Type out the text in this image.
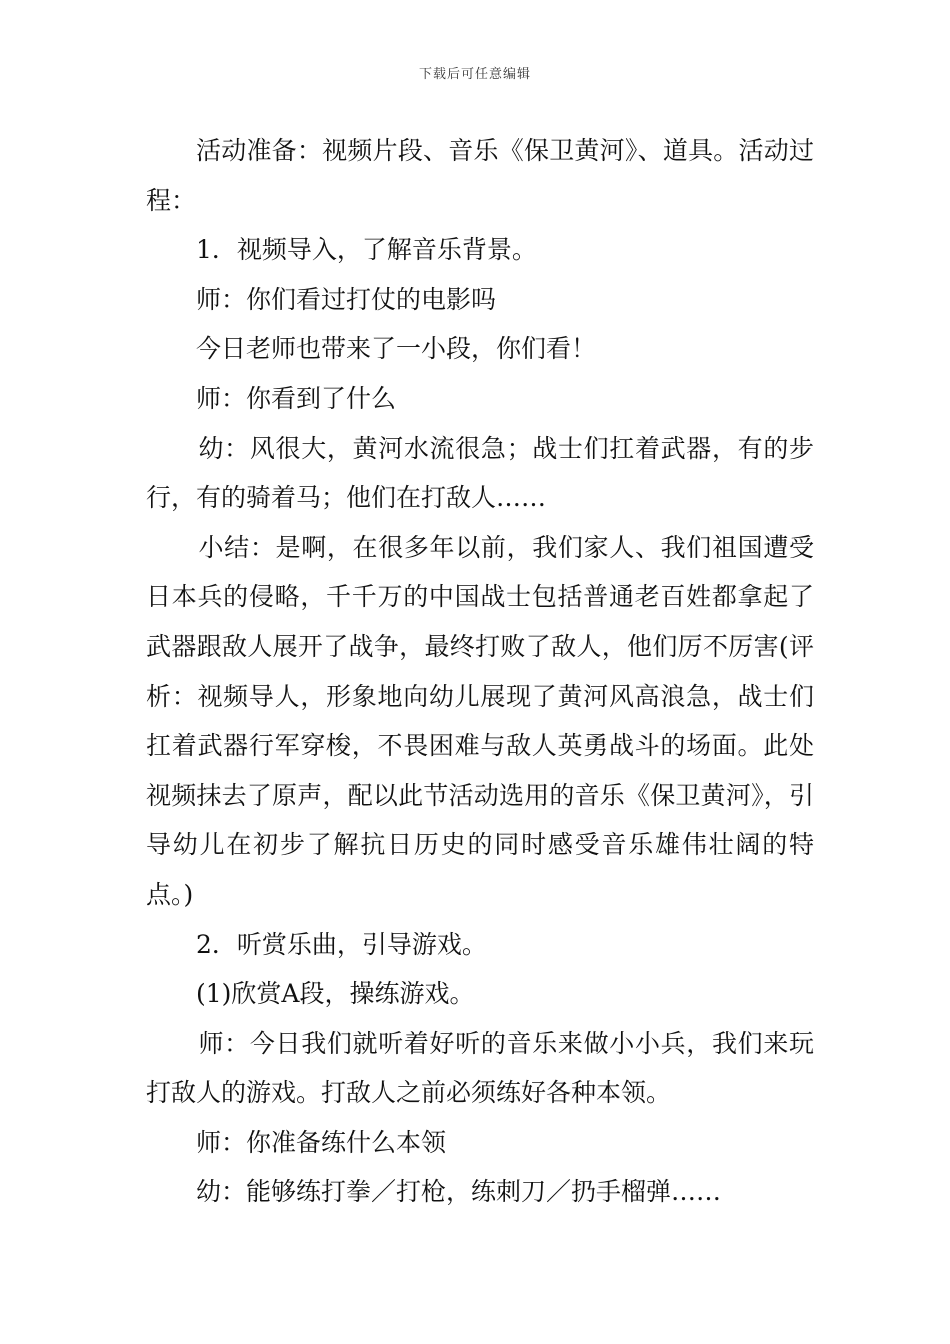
下载后可任意编辑

活动准备：视频片段、音乐《保卫黄河》、道具。活动过程：

1．视频导入，了解音乐背景。

师：你们看过打仗的电影吗

今日老师也带来了一小段，你们看！

师：你看到了什么

幼：风很大，黄河水流很急；战士们扛着武器，有的步行，有的骑着马；他们在打敌人……

小结：是啊，在很多年以前，我们家人、我们祖国遭受日本兵的侵略，千千万的中国战士包括普通老百姓都拿起了武器跟敌人展开了战争，最终打败了敌人，他们厉不厉害(评析：视频导人，形象地向幼儿展现了黄河风高浪急，战士们扛着武器行军穿梭，不畏困难与敌人英勇战斗的场面。此处视频抹去了原声，配以此节活动选用的音乐《保卫黄河》，引导幼儿在初步了解抗日历史的同时感受音乐雄伟壮阔的特点。)

2．听赏乐曲，引导游戏。

(1)欣赏A段，操练游戏。

师：今日我们就听着好听的音乐来做小小兵，我们来玩打敌人的游戏。打敌人之前必须练好各种本领。

师：你准备练什么本领

幼：能够练打拳／打枪，练刺刀／扔手榴弹……
